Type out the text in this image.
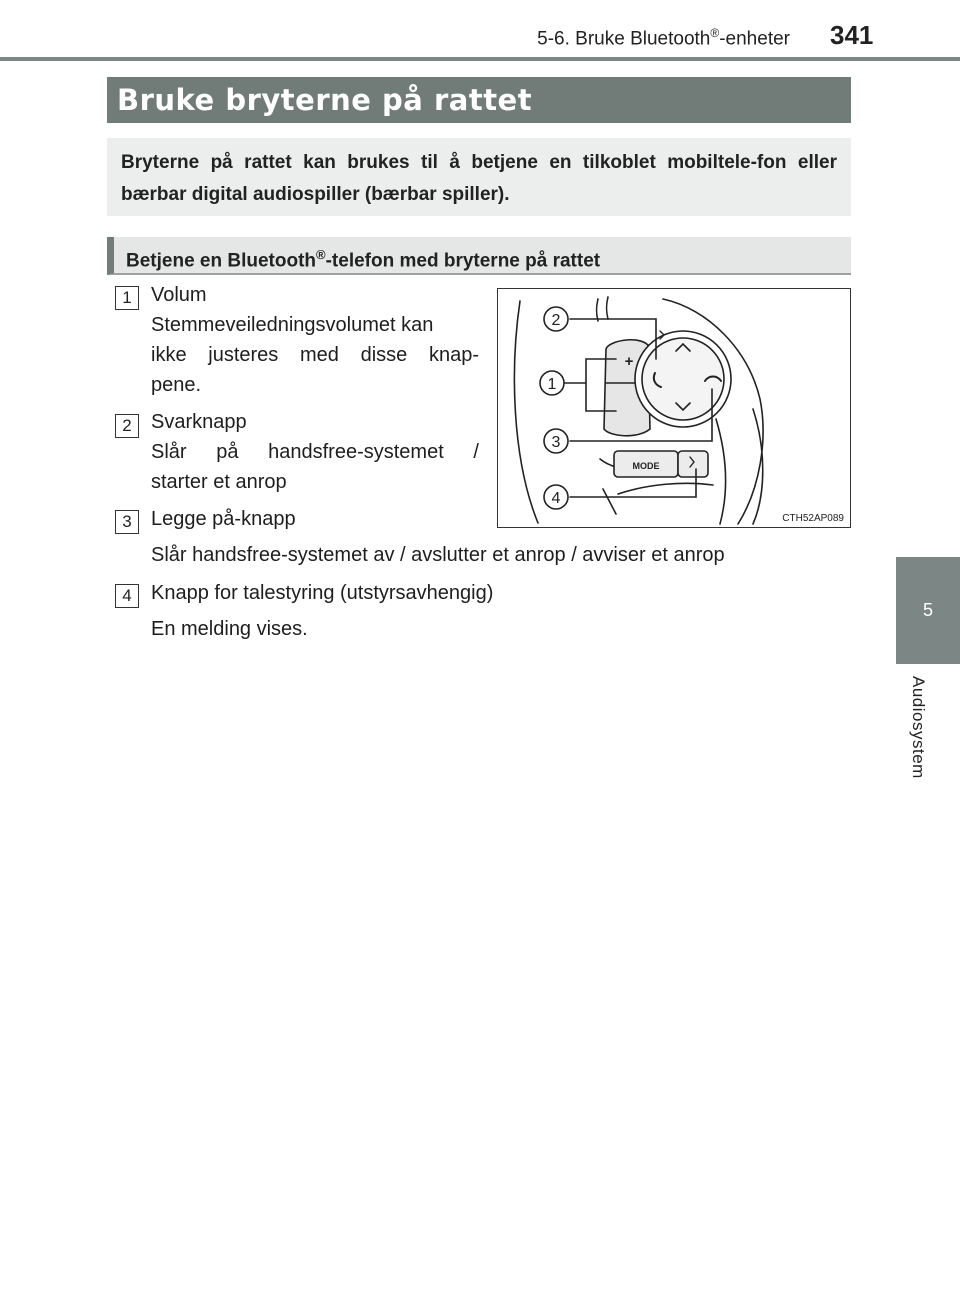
5-6. Bruke Bluetooth®-enheter 341
5
Audiosystem
Bruke bryterne på rattet
Bryterne på rattet kan brukes til å betjene en tilkoblet mobiltele-fon eller bærbar digital audiospiller (bærbar spiller).
Betjene en Bluetooth®-telefon med bryterne på rattet
1 Volum
Stemmeveiledningsvolumet kan
ikke justeres med disse knap-
pene.
2 Svarknapp
Slår på handsfree-systemet /
starter et anrop
3 Legge på-knapp
Slår handsfree-systemet av / avslutter et anrop / avviser et anrop
4 Knapp for talestyring (utstyrsavhengig)
En melding vises.
2
1
3
4
+
MODE
CTH52AP089
